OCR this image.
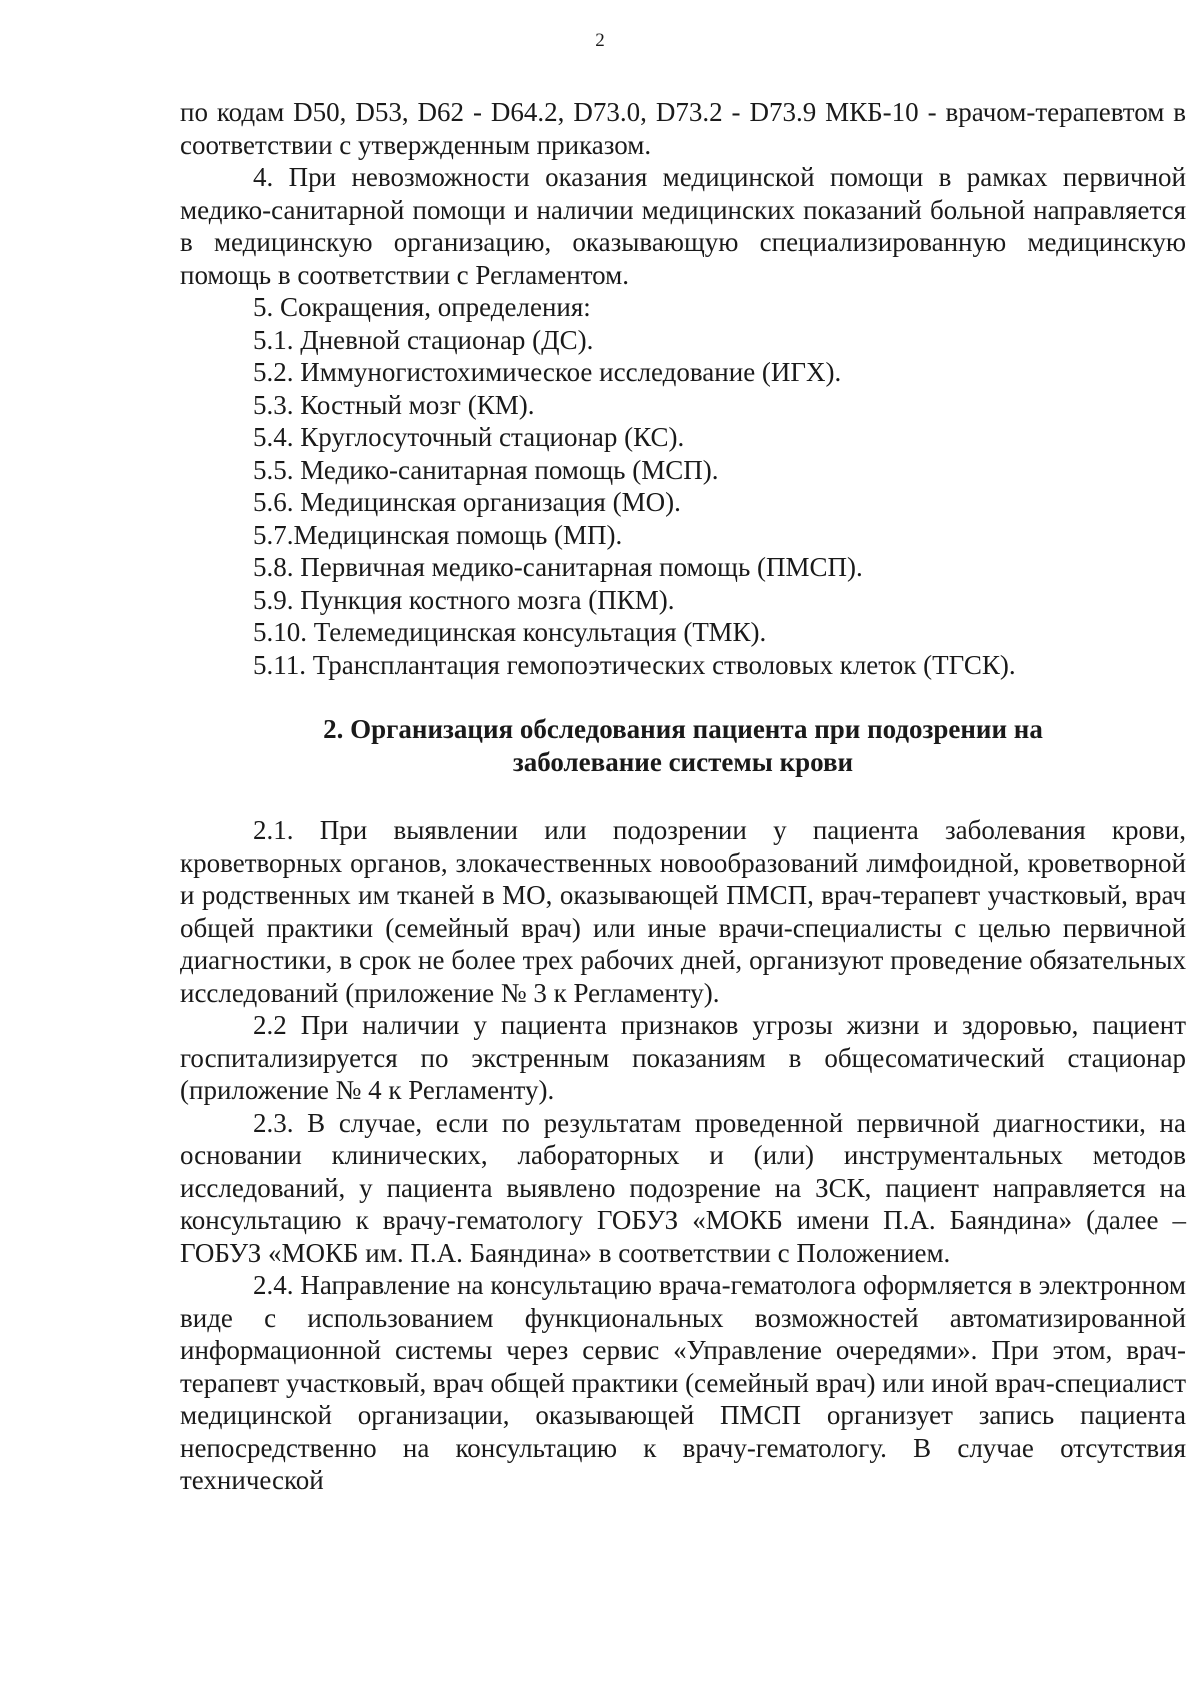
2

по кодам D50, D53, D62 - D64.2, D73.0, D73.2 - D73.9 МКБ-10 - врачом-терапевтом в соответствии с утвержденным приказом.

4. При невозможности оказания медицинской помощи в рамках первичной медико-санитарной помощи и наличии медицинских показаний больной направляется в медицинскую организацию, оказывающую специализированную медицинскую помощь в соответствии с Регламентом.

5. Сокращения, определения:

5.1. Дневной стационар (ДС).

5.2. Иммуногистохимическое исследование (ИГХ).

5.3. Костный мозг (КМ).

5.4. Круглосуточный стационар (КС).

5.5. Медико-санитарная помощь (МСП).

5.6. Медицинская организация (МО).

5.7.Медицинская помощь (МП).

5.8. Первичная медико-санитарная помощь (ПМСП).

5.9. Пункция костного мозга (ПКМ).

5.10. Телемедицинская консультация (ТМК).

5.11. Трансплантация гемопоэтических стволовых клеток (ТГСК).

2. Организация обследования пациента при подозрении на
заболевание системы крови

2.1. При выявлении или подозрении у пациента заболевания крови, кроветворных органов, злокачественных новообразований лимфоидной, кроветворной и родственных им тканей в МО, оказывающей ПМСП, врач-терапевт участковый, врач общей практики (семейный врач) или иные врачи-специалисты с целью первичной диагностики, в срок не более трех рабочих дней, организуют проведение обязательных исследований (приложение № 3 к Регламенту).

2.2 При наличии у пациента признаков угрозы жизни и здоровью, пациент госпитализируется по экстренным показаниям в общесоматический стационар (приложение № 4 к Регламенту).

2.3. В случае, если по результатам проведенной первичной диагностики, на основании клинических, лабораторных и (или) инструментальных методов исследований, у пациента выявлено подозрение на ЗСК, пациент направляется на консультацию к врачу-гематологу ГОБУЗ «МОКБ имени П.А. Баяндина» (далее – ГОБУЗ «МОКБ им. П.А. Баяндина» в соответствии с Положением.

2.4. Направление на консультацию врача-гематолога оформляется в электронном виде с использованием функциональных возможностей автоматизированной информационной системы через сервис «Управление очередями». При этом, врач-терапевт участковый, врач общей практики (семейный врач) или иной врач-специалист медицинской организации, оказывающей ПМСП организует запись пациента непосредственно на консультацию к врачу-гематологу. В случае отсутствия технической
